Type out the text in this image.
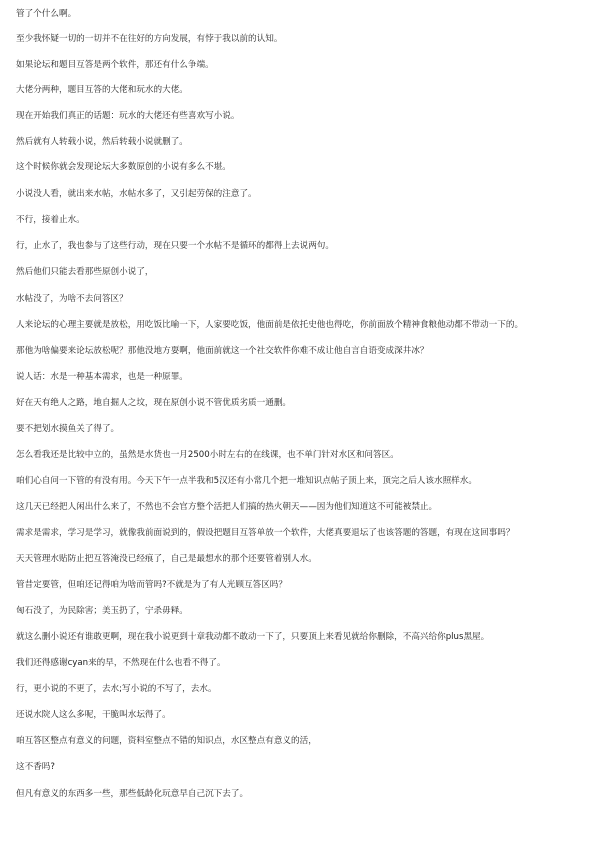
管了个什么啊。

至少我怀疑一切的一切并不在往好的方向发展，有悖于我以前的认知。

如果论坛和题目互答是两个软件，那还有什么争端。

大佬分两种，题目互答的大佬和玩水的大佬。

现在开始我们真正的话题：玩水的大佬还有些喜欢写小说。

然后就有人转载小说，然后转载小说就删了。

这个时候你就会发现论坛大多数原创的小说有多么不堪。

小说没人看，就出来水帖，水帖水多了，又引起劳保的注意了。

不行，接着止水。

行，止水了，我也参与了这些行动，现在只要一个水帖不是循环的都得上去说两句。

然后他们只能去看那些原创小说了，

水帖没了，为啥不去问答区？

人来论坛的心理主要就是放松，用吃饭比喻一下，人家要吃饭，他面前是依托史他也得吃，你前面放个精神食粮他动都不带动一下的。

那他为啥偏要来论坛放松呢？那他没地方耍啊，他面前就这一个社交软件你难不成让他自言自语变成深井冰？

说人话：水是一种基本需求，也是一种原罪。

好在天有绝人之路，地自掘人之坟，现在原创小说不管优质劣质一通删。

要不把划水摸鱼关了得了。

怎么看我还是比较中立的，虽然是水货也一月2500小时左右的在线课，也不单门针对水区和问答区。

咱们心自问一下管的有没有用。今天下午一点半我和5汉还有小常几个把一堆知识点帖子顶上来，顶完之后人该水照样水。

这几天已经把人闲出什么来了，不然也不会官方整个活把人们搞的热火朝天——因为他们知道这不可能被禁止。

需求是需求，学习是学习，就像我前面说到的，假设把题目互答单放一个软件，大佬真要退坛了也该答题的答题，有现在这回事吗？

天天管理水贴防止把互答淹没已经痕了，自己是最想水的那个还要管着别人水。

管昔定要管，但咱还记得咱为啥而管吗?不就是为了有人光顾互答区吗？

匈石没了，为民除害；美玉扔了，宁杀毋释。

就这么删小说还有谁敢更啊，现在我小说更到十章我动都不敢动一下了，只要顶上来看见就给你删除，不高兴给你plus黑屋。

我们还得感谢cyan来的早，不然现在什么也看不得了。

行，更小说的不更了，去水;写小说的不写了，去水。

还说水院人这么多呢，干脆叫水坛得了。

咱互答区整点有意义的问题，资料室整点不错的知识点，水区整点有意义的活，

这不香吗?

但凡有意义的东西多一些，那些低龄化玩意早自己沉下去了。
